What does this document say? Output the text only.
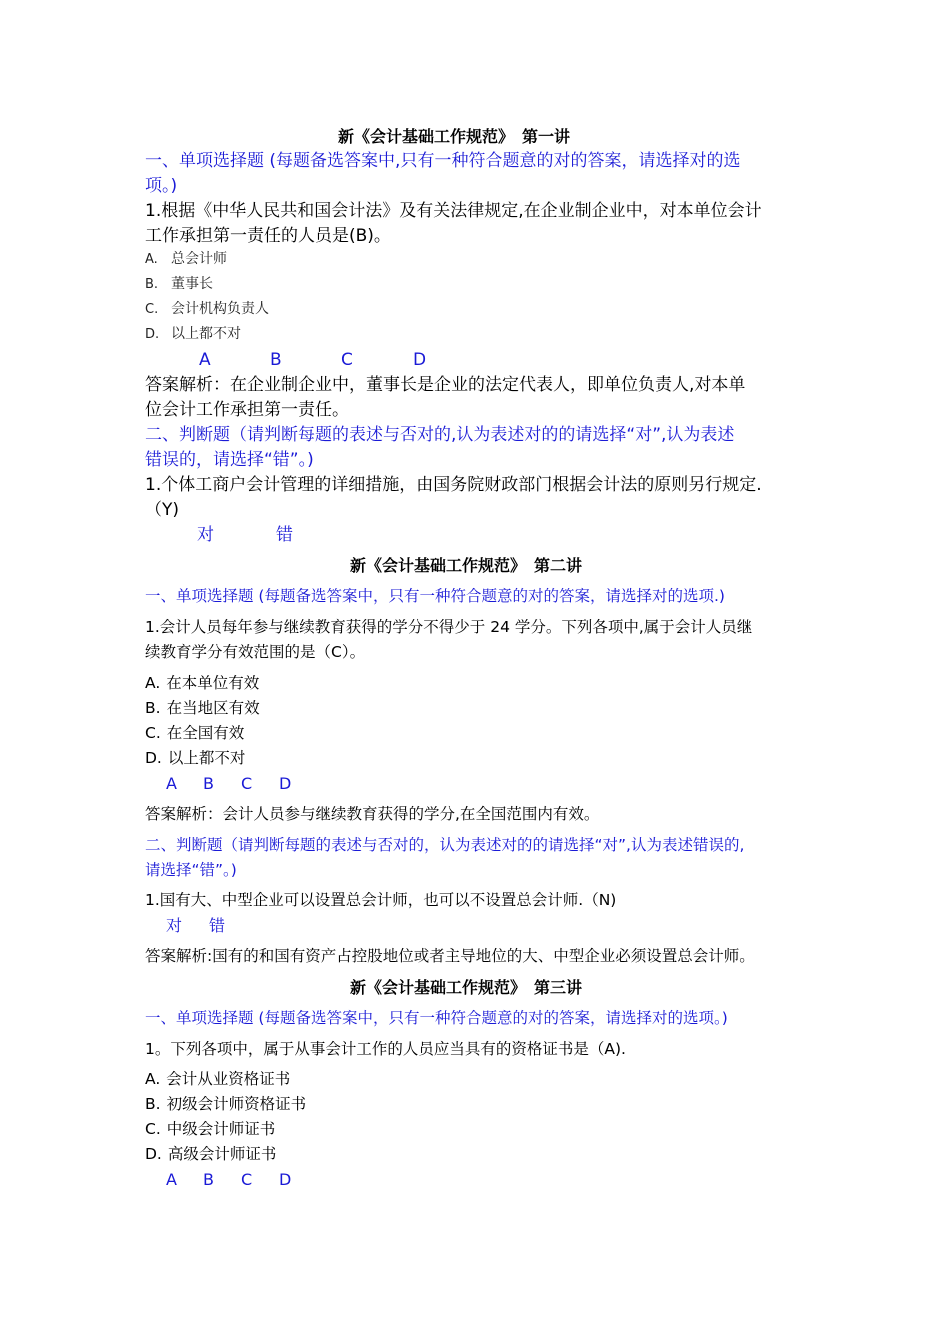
新《会计基础工作规范》　第一讲
一、单项选择题 (每题备选答案中,只有一种符合题意的对的答案，请选择对的选
项。)
1.根据《中华人民共和国会计法》及有关法律规定,在企业制企业中，对本单位会计
工作承担第一责任的人员是(B)。
A. 总会计师
B. 董事长
C. 会计机构负责人
D. 以上都不对
A	B	C	D
答案解析：在企业制企业中，董事长是企业的法定代表人，即单位负责人,对本单
位会计工作承担第一责任。
二、判断题（请判断每题的表述与否对的,认为表述对的的请选择“对”,认为表述
错误的，请选择“错”。)
1.个体工商户会计管理的详细措施，由国务院财政部门根据会计法的原则另行规定.
（Y)
对	错
新《会计基础工作规范》　第二讲
一、单项选择题 (每题备选答案中，只有一种符合题意的对的答案，请选择对的选项.)
1.会计人员每年参与继续教育获得的学分不得少于 24 学分。下列各项中,属于会计人员继
续教育学分有效范围的是（C）。
A. 在本单位有效
B. 在当地区有效
C. 在全国有效
D. 以上都不对
A B C D
答案解析：会计人员参与继续教育获得的学分,在全国范围内有效。
二、判断题（请判断每题的表述与否对的，认为表述对的的请选择“对”,认为表述错误的,
请选择“错”。)
1.国有大、中型企业可以设置总会计师，也可以不设置总会计师.（N)
对 错
答案解析:国有的和国有资产占控股地位或者主导地位的大、中型企业必须设置总会计师。
新《会计基础工作规范》　第三讲
一、单项选择题 (每题备选答案中，只有一种符合题意的对的答案，请选择对的选项。)
1。下列各项中，属于从事会计工作的人员应当具有的资格证书是（A).
A. 会计从业资格证书
B. 初级会计师资格证书
C. 中级会计师证书
D. 高级会计师证书
A B C D
